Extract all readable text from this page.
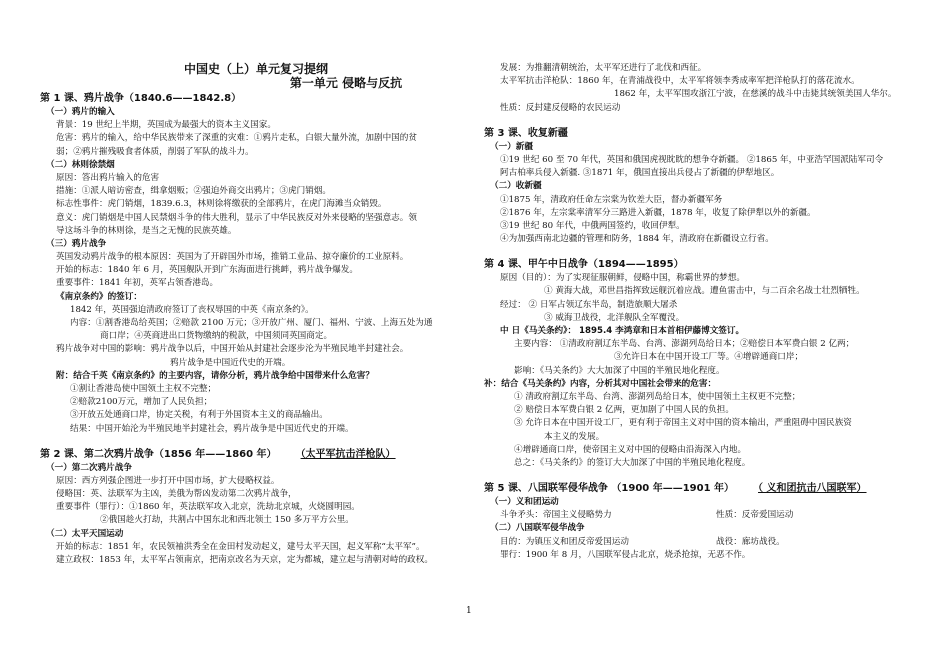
中国史（上）单元复习提纲
第一单元 侵略与反抗
第 1 课、鸦片战争（1840.6——1842.8）
（一）鸦片的输入
背景：19 世纪上半期，英国成为最强大的资本主义国家。
危害：鸦片的输入，给中华民族带来了深重的灾难：①鸦片走私，白银大量外流，加剧中国的贫
弱；②鸦片摧残吸食者体质，削弱了军队的战斗力。
（二）林则徐禁烟
原因：答出鸦片输入的危害
措施：①派人暗访密查，缉拿烟贩；②强迫外商交出鸦片；③虎门销烟。
标志性事件：虎门销烟，1839.6.3，林则徐将缴获的全部鸦片，在虎门海滩当众销毁。
意义：虎门销烟是中国人民禁烟斗争的伟大胜利，显示了中华民族反对外来侵略的坚强意志。领
导这场斗争的林则徐，是当之无愧的民族英雄。
（三）鸦片战争
英国发动鸦片战争的根本原因：英国为了开辟国外市场，推销工业品、掠夺廉价的工业原料。
开始的标志：1840 年 6 月，英国舰队开到广东海面进行挑衅，鸦片战争爆发。
重要事件：1841 年初，英军占领香港岛。
《南京条约》的签订：
1842 年，英国强迫清政府签订了丧权辱国的中英《南京条约》。
内容：①割香港岛给英国；②赔款 2100 万元；③开放广州、厦门、福州、宁波、上海五处为通
商口岸；④英商进出口货物缴纳的税款，中国须同英国商定。
鸦片战争对中国的影响：鸦片战争以后，中国开始从封建社会逐步沦为半殖民地半封建社会。
鸦片战争是中国近代史的开端。
附：结合千英《南京条约》的主要内容，请你分析，鸦片战争给中国带来什么危害？
①割让香港岛使中国领土主权不完整；
②赔款2100万元，增加了人民负担；
③开放五处通商口岸，协定关税，有利于外国资本主义的商品输出。
结果：中国开始沦为半殖民地半封建社会，鸦片战争是中国近代史的开端。
第 2 课、第二次鸦片战争（1856 年——1860 年） （太平军抗击洋枪队）
（一）第二次鸦片战争
原因：西方列强企图进一步打开中国市场，扩大侵略权益。
侵略国：英、法联军为主凶，美俄为帮凶发动第二次鸦片战争，
重要事件（罪行）：①1860 年，英法联军攻入北京，洗劫北京城，火烧圆明园。
②俄国趁火打劫，共割占中国东北和西北领土 150 多万平方公里。
（二）太平天国运动
开始的标志：1851 年，农民领袖洪秀全在金田村发动起义，建号太平天国，起义军称“太平军”。
建立政权：1853 年，太平军占领南京，把南京改名为天京，定为都城，建立起与清朝对峙的政权。
发展：为推翻清朝统治，太平军还进行了北伐和西征。
太平军抗击洋枪队：1860 年，在青浦战役中，太平军将领李秀成率军把洋枪队打的落花流水。
1862 年，太平军围攻浙江宁波，在慈溪的战斗中击毙其统领美国人华尔。
性质：反封建反侵略的农民运动
第 3 课、收复新疆
（一）新疆
①19 世纪 60 至 70 年代，英国和俄国虎视眈眈的想争夺新疆。 ②1865 年，中亚浩罕国派陆军司令
阿古柏率兵侵入新疆. ③1871 年，俄国直接出兵侵占了新疆的伊犁地区。
（二）收新疆
①1875 年，清政府任命左宗棠为钦差大臣，督办新疆军务
②1876 年，左宗棠率清军分三路进入新疆，1878 年，收复了除伊犁以外的新疆。
③19 世纪 80 年代，中俄两国签约，收回伊犁。
④为加强西南北边疆的管理和防务，1884 年，清政府在新疆设立行省。
第 4 课、甲午中日战争（1894——1895）
原因（目的）：为了实现征服朝鲜，侵略中国，称霸世界的梦想。
① 黄海大战，邓世昌指挥致远舰沉着应战。遭鱼雷击中，与二百余名战士壮烈牺牲。
经过： ② 日军占领辽东半岛，制造旅顺大屠杀
③ 威海卫战役，北洋舰队全军覆没。
中 日《马关条约》： 1895.4 李鸿章和日本首相伊藤博文签订。
主要内容： ①清政府割辽东半岛、台湾、澎湖列岛给日本；②赔偿日本军费白银 2 亿两；
③允许日本在中国开设工厂等。④增辟通商口岸；
影响：《马关条约》大大加深了中国的半殖民地化程度。
补：结合《马关条约》内容，分析其对中国社会带来的危害：
① 清政府割辽东半岛、台湾、澎湖列岛给日本，使中国领土主权更不完整；
② 赔偿日本军费白银 2 亿两，更加剧了中国人民的负担。
③ 允许日本在中国开设工厂，更有利于帝国主义对中国的资本输出，严重阻碍中国民族资
本主义的发展。
④增辟通商口岸，使帝国主义对中国的侵略由沿海深入内地。
总之：《马关条约》的签订大大加深了中国的半殖民地化程度。
第 5 课、八国联军侵华战争 （1900 年——1901 年） （ 义和团抗击八国联军）
（一）义和团运动
斗争矛头：帝国主义侵略势力	性质：反帝爱国运动
（二）八国联军侵华战争
目的：为镇压义和团反帝爱国运动	战役：廊坊战役。
罪行：1900 年 8 月，八国联军侵占北京，烧杀抢掠，无恶不作。
1
